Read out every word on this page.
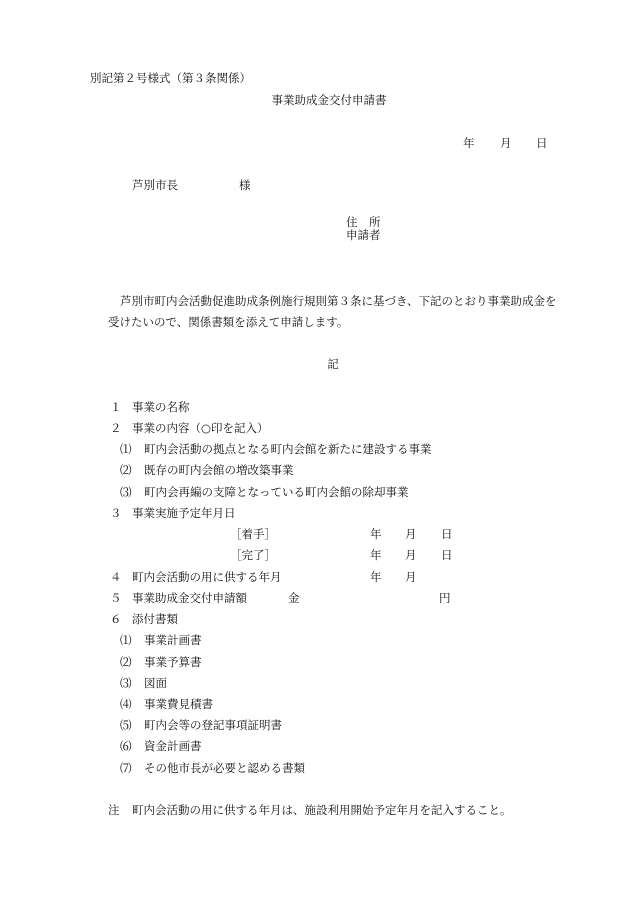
別記第２号様式（第３条関係）
事業助成金交付申請書
年 月 日
芦別市長	様
住　所
申請者
芦別市町内会活動促進助成条例施行規則第３条に基づき、下記のとおり事業助成金を
受けたいので、関係書類を添えて申請します。
記
１ 事業の名称
２ 事業の内容（○印を記入）
⑴ 町内会活動の拠点となる町内会館を新たに建設する事業
⑵ 既存の町内会館の増改築事業
⑶ 町内会再編の支障となっている町内会館の除却事業
３ 事業実施予定年月日
［着手］	年 月 日
［完了］	年 月 日
４ 町内会活動の用に供する年月	年 月
５ 事業助成金交付申請額	金	円
６ 添付書類
⑴ 事業計画書
⑵ 事業予算書
⑶ 図面
⑷ 事業費見積書
⑸ 町内会等の登記事項証明書
⑹ 資金計画書
⑺ その他市長が必要と認める書類
注 町内会活動の用に供する年月は、施設利用開始予定年月を記入すること。
